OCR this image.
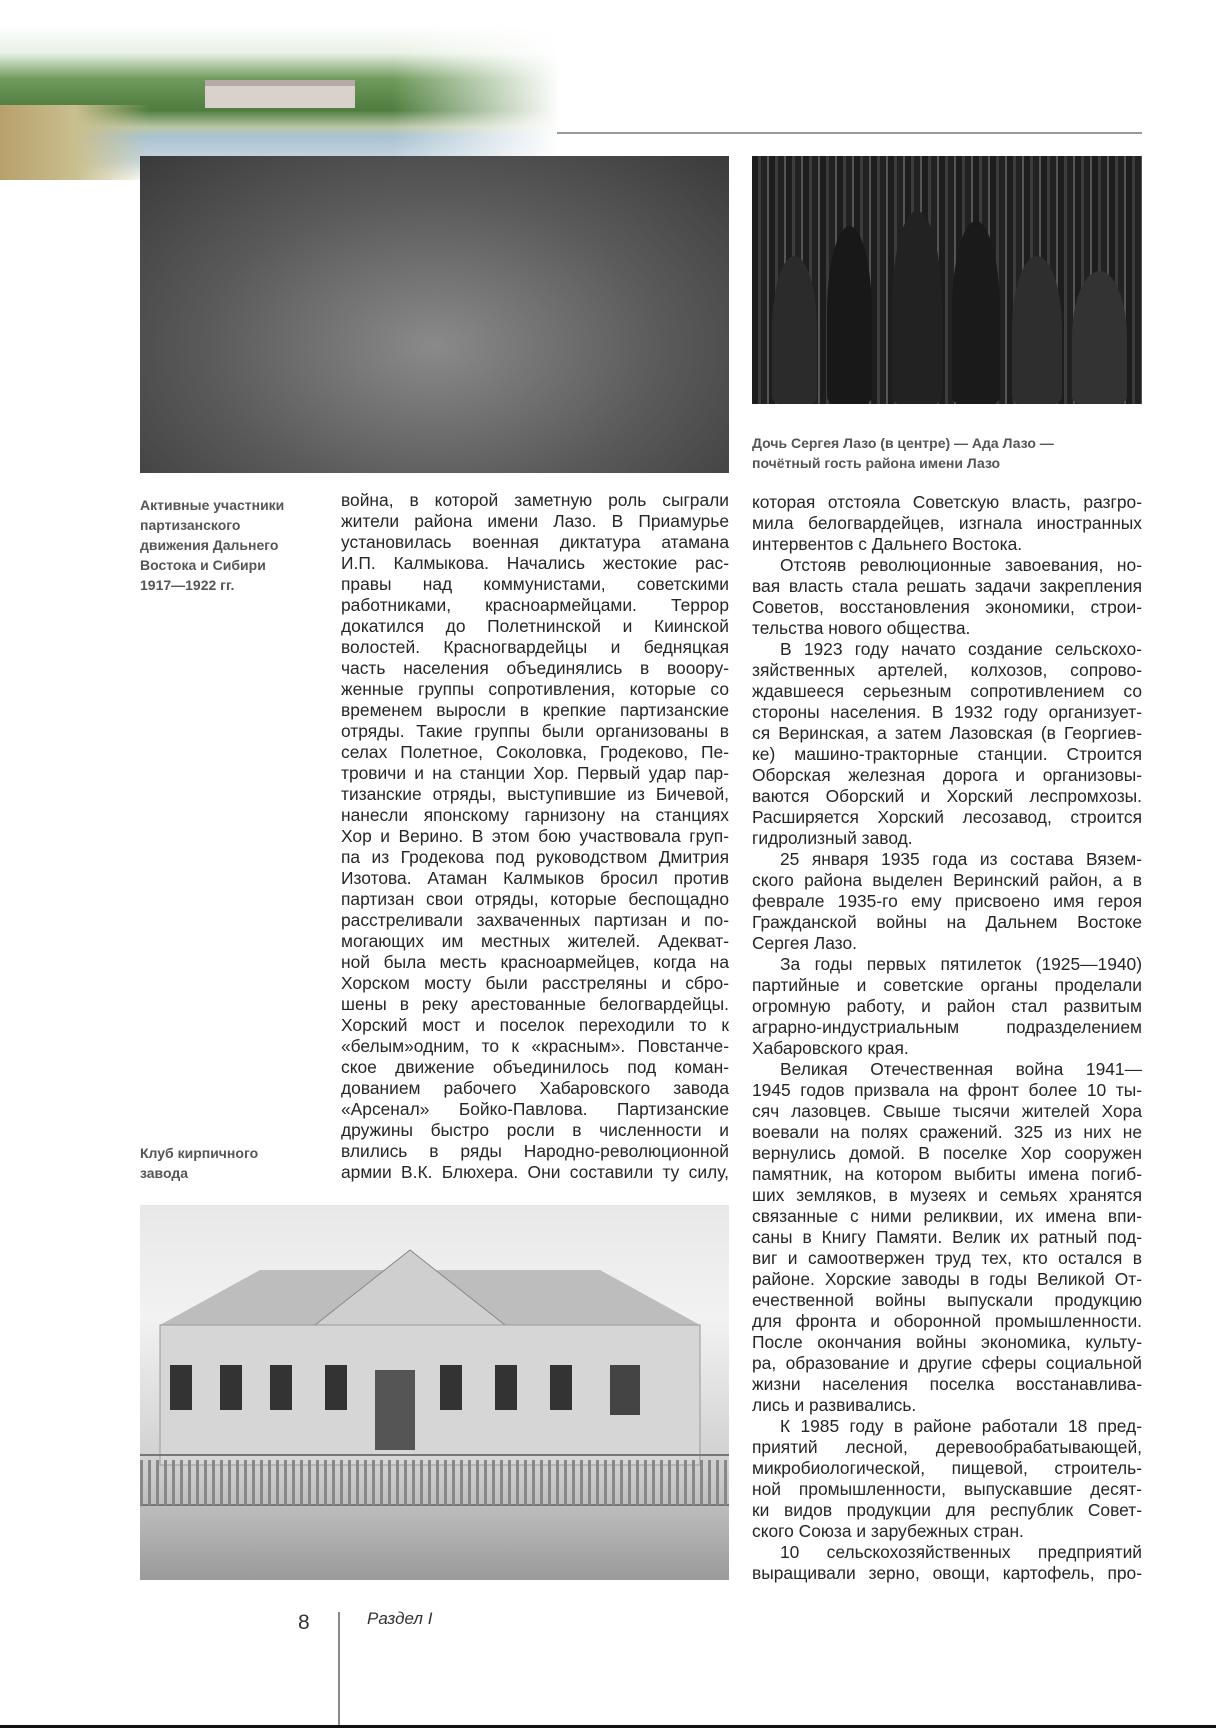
Дочь Сергея Лазо (в центре) — Ада Лазо —
почётный гость района имени Лазо
Активные участники
партизанского
движения Дальнего
Востока и Сибири
1917—1922 гг.
Клуб кирпичного
завода
война, в которой заметную роль сыграли
жители района имени Лазо. В Приамурье
установилась военная диктатура атамана
И.П. Калмыкова. Начались жестокие рас-
правы над коммунистами, советскими
работниками, красноармейцами. Террор
докатился до Полетнинской и Киинской
волостей. Красногвардейцы и бедняцкая
часть населения объединялись в вооору-
женные группы сопротивления, которые со
временем выросли в крепкие партизанские
отряды. Такие группы были организованы в
селах Полетное, Соколовка, Гродеково, Пе-
тровичи и на станции Хор. Первый удар пар-
тизанские отряды, выступившие из Бичевой,
нанесли японскому гарнизону на станциях
Хор и Верино. В этом бою участвовала груп-
па из Гродекова под руководством Дмитрия
Изотова. Атаман Калмыков бросил против
партизан свои отряды, которые беспощадно
расстреливали захваченных партизан и по-
могающих им местных жителей. Адекват-
ной была месть красноармейцев, когда на
Хорском мосту были расстреляны и сбро-
шены в реку арестованные белогвардейцы.
Хорский мост и поселок переходили то к
«белым»одним, то к «красным». Повстанче-
ское движение объединилось под коман-
дованием рабочего Хабаровского завода
«Арсенал» Бойко-Павлова. Партизанские
дружины быстро росли в численности и
влились в ряды Народно-революционной
армии В.К. Блюхера. Они составили ту силу,
которая отстояла Советскую власть, разгро-
мила белогвардейцев, изгнала иностранных
интервентов с Дальнего Востока.
Отстояв революционные завоевания, но-
вая власть стала решать задачи закрепления
Советов, восстановления экономики, строи-
тельства нового общества.
В 1923 году начато создание сельскохо-
зяйственных артелей, колхозов, сопрово-
ждавшееся серьезным сопротивлением со
стороны населения. В 1932 году организует-
ся Веринская, а затем Лазовская (в Георгиев-
ке) машино-тракторные станции. Строится
Оборская железная дорога и организовы-
ваются Оборский и Хорский леспромхозы.
Расширяется Хорский лесозавод, строится
гидролизный завод.
25 января 1935 года из состава Вязем-
ского района выделен Веринский район, а в
феврале 1935-го ему присвоено имя героя
Гражданской войны на Дальнем Востоке
Сергея Лазо.
За годы первых пятилеток (1925—1940)
партийные и советские органы проделали
огромную работу, и район стал развитым
аграрно-индустриальным подразделением
Хабаровского края.
Великая Отечественная война 1941—
1945 годов призвала на фронт более 10 ты-
сяч лазовцев. Свыше тысячи жителей Хора
воевали на полях сражений. 325 из них не
вернулись домой. В поселке Хор сооружен
памятник, на котором выбиты имена погиб-
ших земляков, в музеях и семьях хранятся
связанные с ними реликвии, их имена впи-
саны в Книгу Памяти. Велик их ратный под-
виг и самоотвержен труд тех, кто остался в
районе. Хорские заводы в годы Великой От-
ечественной войны выпускали продукцию
для фронта и оборонной промышленности.
После окончания войны экономика, культу-
ра, образование и другие сферы социальной
жизни населения поселка восстанавлива-
лись и развивались.
К 1985 году в районе работали 18 пред-
приятий лесной, деревообрабатывающей,
микробиологической, пищевой, строитель-
ной промышленности, выпускавшие десят-
ки видов продукции для республик Совет-
ского Союза и зарубежных стран.
10 сельскохозяйственных предприятий
выращивали зерно, овощи, картофель, про-
8	Раздел I
